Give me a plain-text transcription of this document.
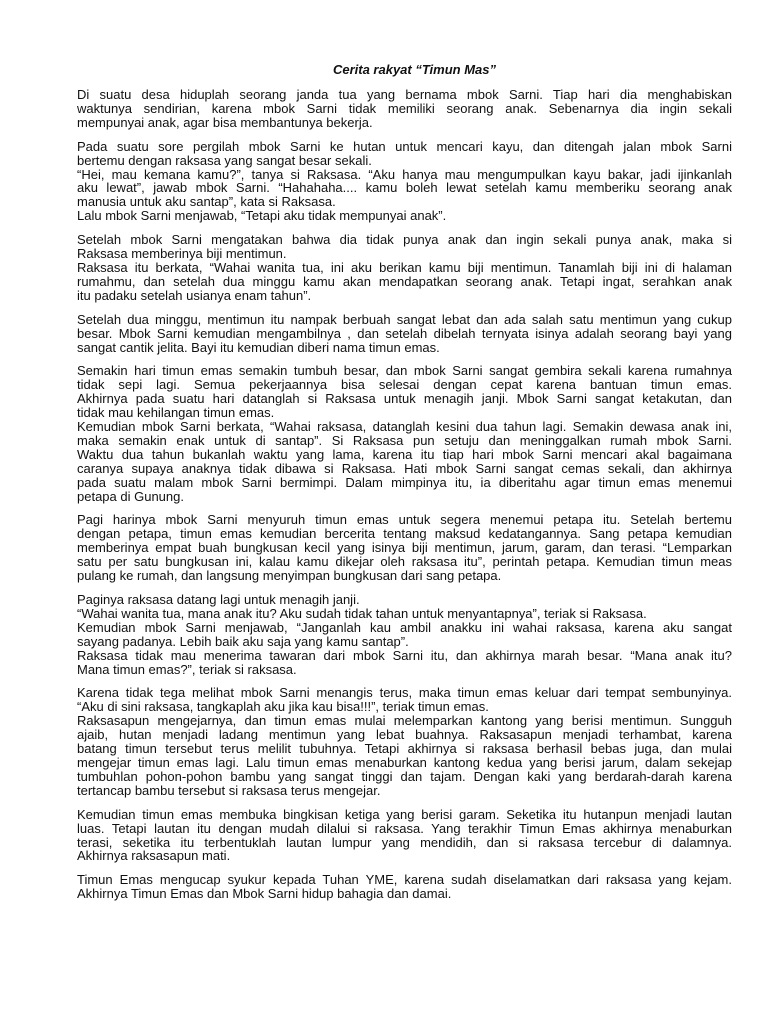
Cerita rakyat “Timun Mas”
Di suatu desa hiduplah seorang janda tua yang bernama mbok Sarni. Tiap hari dia menghabiskan
waktunya sendirian, karena mbok Sarni tidak memiliki seorang anak. Sebenarnya dia ingin sekali
mempunyai anak, agar bisa membantunya bekerja.
Pada suatu sore pergilah mbok Sarni ke hutan untuk mencari kayu, dan ditengah jalan mbok Sarni
bertemu dengan raksasa yang sangat besar sekali.
“Hei, mau kemana kamu?”, tanya si Raksasa. “Aku hanya mau mengumpulkan kayu bakar, jadi ijinkanlah
aku lewat”, jawab mbok Sarni. “Hahahaha.... kamu boleh lewat setelah kamu memberiku seorang anak
manusia untuk aku santap”, kata si Raksasa.
Lalu mbok Sarni menjawab, “Tetapi aku tidak mempunyai anak”.
Setelah mbok Sarni mengatakan bahwa dia tidak punya anak dan ingin sekali punya anak, maka si
Raksasa memberinya biji mentimun.
Raksasa itu berkata, “Wahai wanita tua, ini aku berikan kamu biji mentimun. Tanamlah biji ini di halaman
rumahmu, dan setelah dua minggu kamu akan mendapatkan seorang anak. Tetapi ingat, serahkan anak
itu padaku setelah usianya enam tahun”.
Setelah dua minggu, mentimun itu nampak berbuah sangat lebat dan ada salah satu mentimun yang cukup
besar. Mbok Sarni kemudian mengambilnya , dan setelah dibelah ternyata isinya adalah seorang bayi yang
sangat cantik jelita. Bayi itu kemudian diberi nama timun emas.
Semakin hari timun emas semakin tumbuh besar, dan mbok Sarni sangat gembira sekali karena rumahnya
tidak sepi lagi. Semua pekerjaannya bisa selesai dengan cepat karena bantuan timun emas.
Akhirnya pada suatu hari datanglah si Raksasa untuk menagih janji. Mbok Sarni sangat ketakutan, dan
tidak mau kehilangan timun emas.
Kemudian mbok Sarni berkata, “Wahai raksasa, datanglah kesini dua tahun lagi. Semakin dewasa anak ini,
maka semakin enak untuk di santap”. Si Raksasa pun setuju dan meninggalkan rumah mbok Sarni.
Waktu dua tahun bukanlah waktu yang lama, karena itu tiap hari mbok Sarni mencari akal bagaimana
caranya supaya anaknya tidak dibawa si Raksasa. Hati mbok Sarni sangat cemas sekali, dan akhirnya
pada suatu malam mbok Sarni bermimpi. Dalam mimpinya itu, ia diberitahu agar timun emas menemui
petapa di Gunung.
Pagi harinya mbok Sarni menyuruh timun emas untuk segera menemui petapa itu. Setelah bertemu
dengan petapa, timun emas kemudian bercerita tentang maksud kedatangannya. Sang petapa kemudian
memberinya empat buah bungkusan kecil yang isinya biji mentimun, jarum, garam, dan terasi. “Lemparkan
satu per satu bungkusan ini, kalau kamu dikejar oleh raksasa itu”, perintah petapa. Kemudian timun meas
pulang ke rumah, dan langsung menyimpan bungkusan dari sang petapa.
Paginya raksasa datang lagi untuk menagih janji.
“Wahai wanita tua, mana anak itu? Aku sudah tidak tahan untuk menyantapnya”, teriak si Raksasa.
Kemudian mbok Sarni menjawab, “Janganlah kau ambil anakku ini wahai raksasa, karena aku sangat
sayang padanya. Lebih baik aku saja yang kamu santap”.
Raksasa tidak mau menerima tawaran dari mbok Sarni itu, dan akhirnya marah besar. “Mana anak itu?
Mana timun emas?”, teriak si raksasa.
Karena tidak tega melihat mbok Sarni menangis terus, maka timun emas keluar dari tempat sembunyinya.
“Aku di sini raksasa, tangkaplah aku jika kau bisa!!!”, teriak timun emas.
Raksasapun mengejarnya, dan timun emas mulai melemparkan kantong yang berisi mentimun. Sungguh
ajaib, hutan menjadi ladang mentimun yang lebat buahnya. Raksasapun menjadi terhambat, karena
batang timun tersebut terus melilit tubuhnya. Tetapi akhirnya si raksasa berhasil bebas juga, dan mulai
mengejar timun emas lagi. Lalu timun emas menaburkan kantong kedua yang berisi jarum, dalam sekejap
tumbuhlan pohon-pohon bambu yang sangat tinggi dan tajam. Dengan kaki yang berdarah-darah karena
tertancap bambu tersebut si raksasa terus mengejar.
Kemudian timun emas membuka bingkisan ketiga yang berisi garam. Seketika itu hutanpun menjadi lautan
luas. Tetapi lautan itu dengan mudah dilalui si raksasa. Yang terakhir Timun Emas akhirnya menaburkan
terasi, seketika itu terbentuklah lautan lumpur yang mendidih, dan si raksasa tercebur di dalamnya.
Akhirnya raksasapun mati.
Timun Emas mengucap syukur kepada Tuhan YME, karena sudah diselamatkan dari raksasa yang kejam.
Akhirnya Timun Emas dan Mbok Sarni hidup bahagia dan damai.
